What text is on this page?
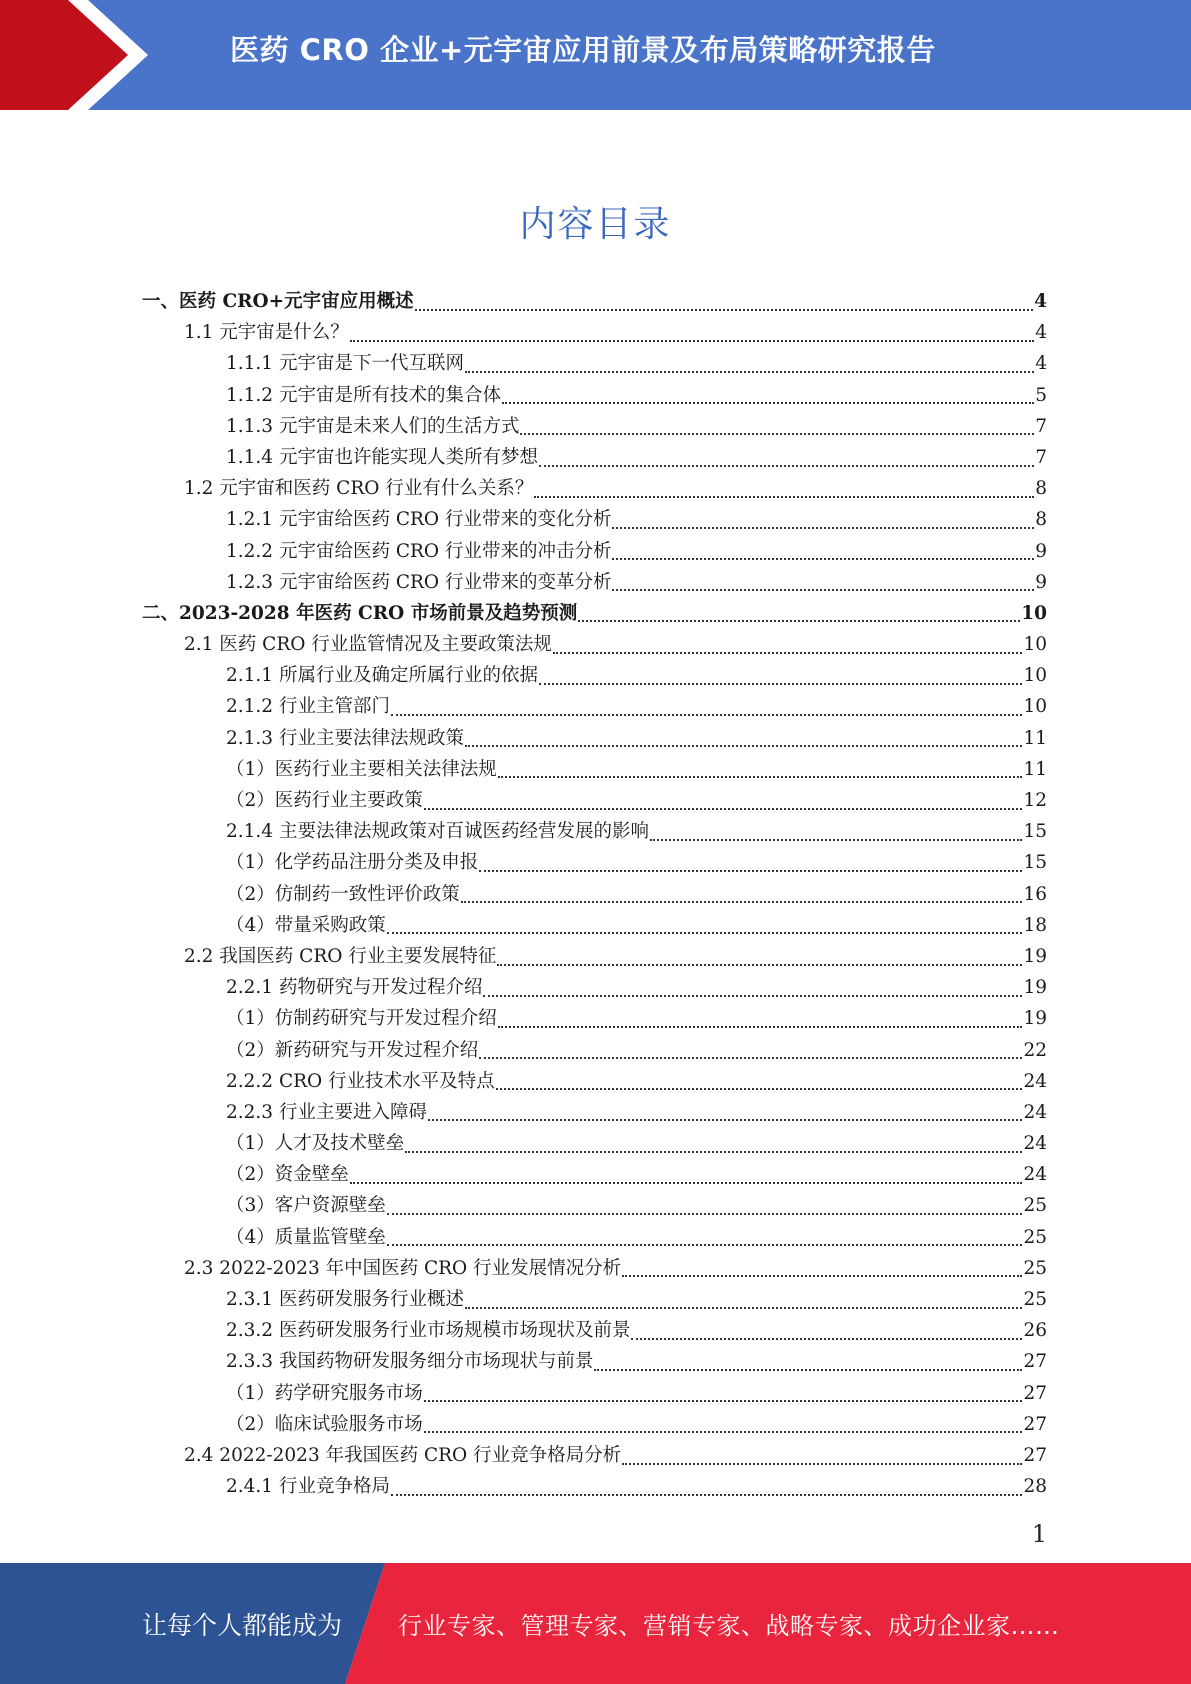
医药 CRO 企业+元宇宙应用前景及布局策略研究报告
内容目录
一、医药 CRO+元宇宙应用概述	4
1.1 元宇宙是什么？	4
1.1.1 元宇宙是下一代互联网	4
1.1.2 元宇宙是所有技术的集合体	5
1.1.3 元宇宙是未来人们的生活方式	7
1.1.4 元宇宙也许能实现人类所有梦想	7
1.2 元宇宙和医药 CRO 行业有什么关系？	8
1.2.1 元宇宙给医药 CRO 行业带来的变化分析	8
1.2.2 元宇宙给医药 CRO 行业带来的冲击分析	9
1.2.3 元宇宙给医药 CRO 行业带来的变革分析	9
二、2023-2028 年医药 CRO 市场前景及趋势预测	10
2.1 医药 CRO 行业监管情况及主要政策法规	10
2.1.1 所属行业及确定所属行业的依据	10
2.1.2 行业主管部门	10
2.1.3 行业主要法律法规政策	11
（1）医药行业主要相关法律法规	11
（2）医药行业主要政策	12
2.1.4 主要法律法规政策对百诚医药经营发展的影响	15
（1）化学药品注册分类及申报	15
（2）仿制药一致性评价政策	16
（4）带量采购政策	18
2.2 我国医药 CRO 行业主要发展特征	19
2.2.1 药物研究与开发过程介绍	19
（1）仿制药研究与开发过程介绍	19
（2）新药研究与开发过程介绍	22
2.2.2 CRO 行业技术水平及特点	24
2.2.3 行业主要进入障碍	24
（1）人才及技术壁垒	24
（2）资金壁垒	24
（3）客户资源壁垒	25
（4）质量监管壁垒	25
2.3 2022-2023 年中国医药 CRO 行业发展情况分析	25
2.3.1 医药研发服务行业概述	25
2.3.2 医药研发服务行业市场规模市场现状及前景	26
2.3.3 我国药物研发服务细分市场现状与前景	27
（1）药学研究服务市场	27
（2）临床试验服务市场	27
2.4 2022-2023 年我国医药 CRO 行业竞争格局分析	27
2.4.1 行业竞争格局	28
1
让每个人都能成为 行业专家、管理专家、营销专家、战略专家、成功企业家……
